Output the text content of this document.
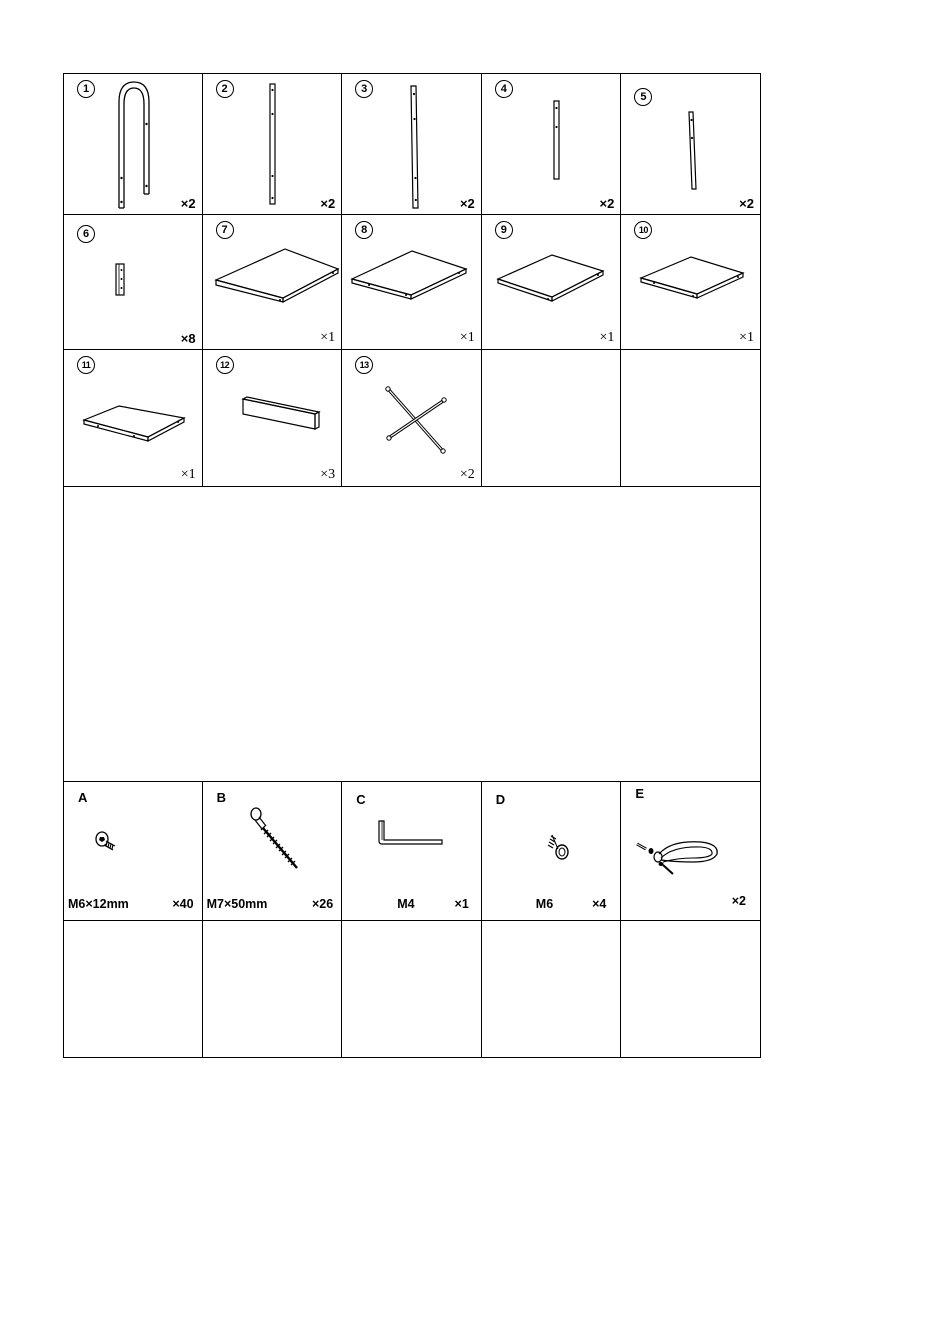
1
×2
2
×2
3
×2
4
×2
5
×2
6
×8
7
×1
8
×1
9
×1
10
×1
11
×1
12
×3
13
×2
A
M6×12mm	×40
B
M7×50mm	×26
C
M4	×1
D
M6	×4
E
×2
